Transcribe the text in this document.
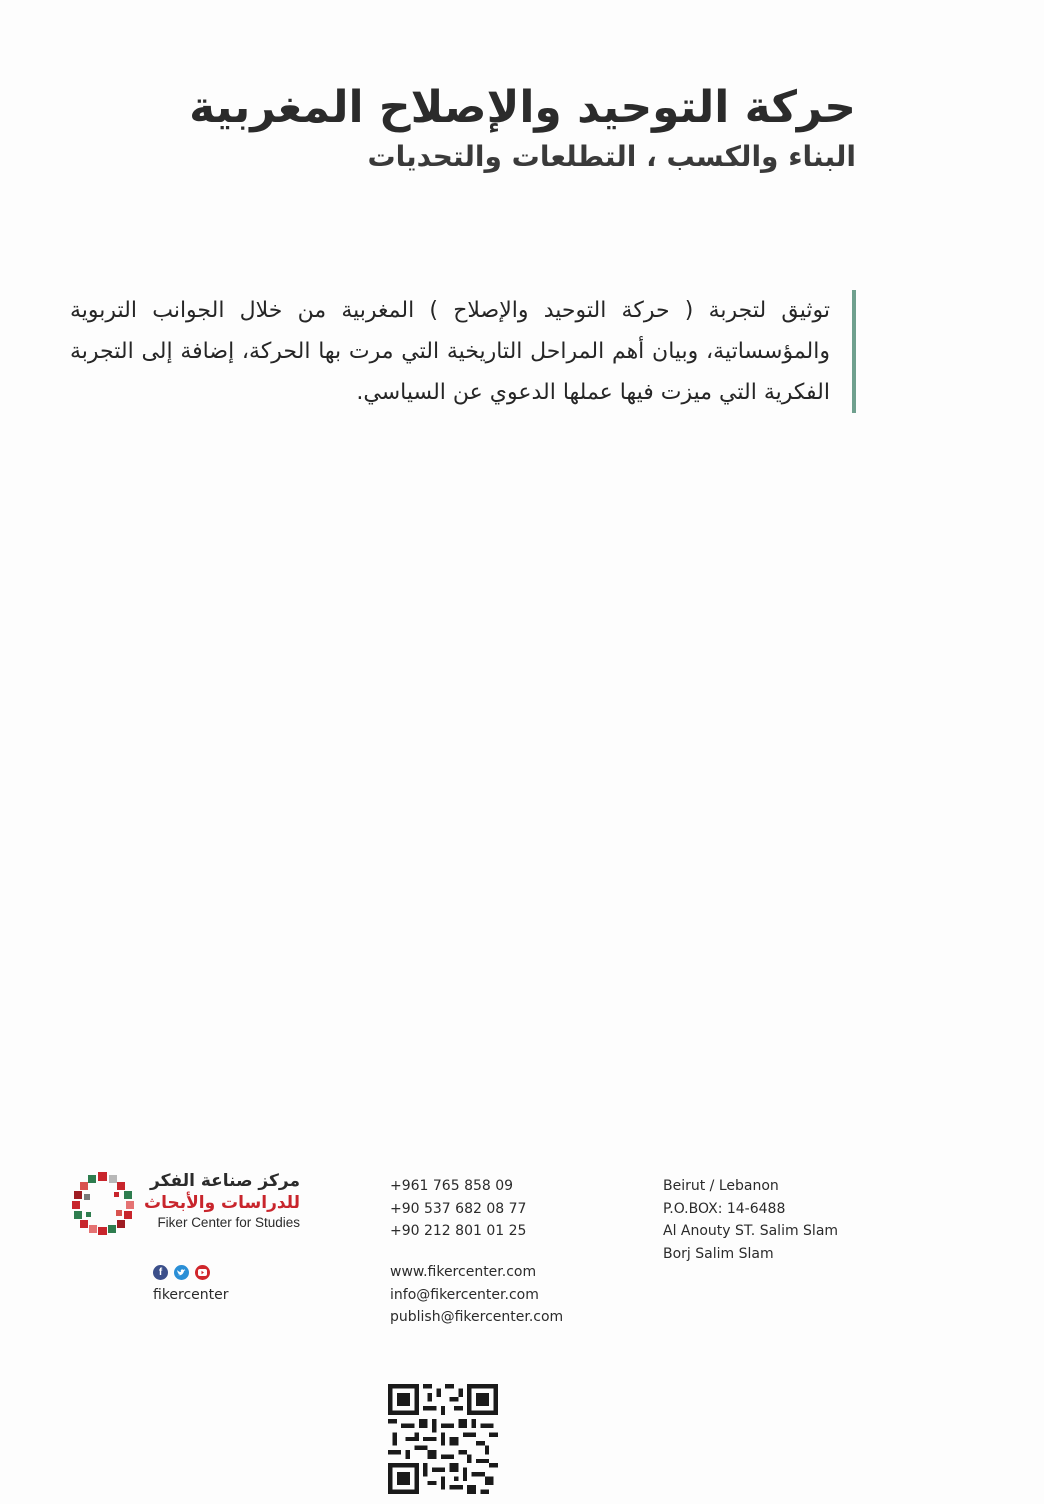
حركة التوحيد والإصلاح المغربية
البناء والكسب ، التطلعات والتحديات

توثيق لتجربة ( حركة التوحيد والإصلاح ) المغربية من خلال الجوانب التربوية والمؤسساتية، وبيان أهم المراحل التاريخية التي مرت بها الحركة، إضافة إلى التجربة الفكرية التي ميزت فيها عملها الدعوي عن السياسي.

مركز صناعة الفكر
للدراسات والأبحاث
Fiker Center for Studies
f
fikercenter
+961 765 858 09
+90 537 682 08 77
+90 212 801 01 25
www.fikercenter.com
info@fikercenter.com
publish@fikercenter.com
Beirut / Lebanon
P.O.BOX: 14-6488
Al Anouty ST. Salim Slam
Borj Salim Slam
